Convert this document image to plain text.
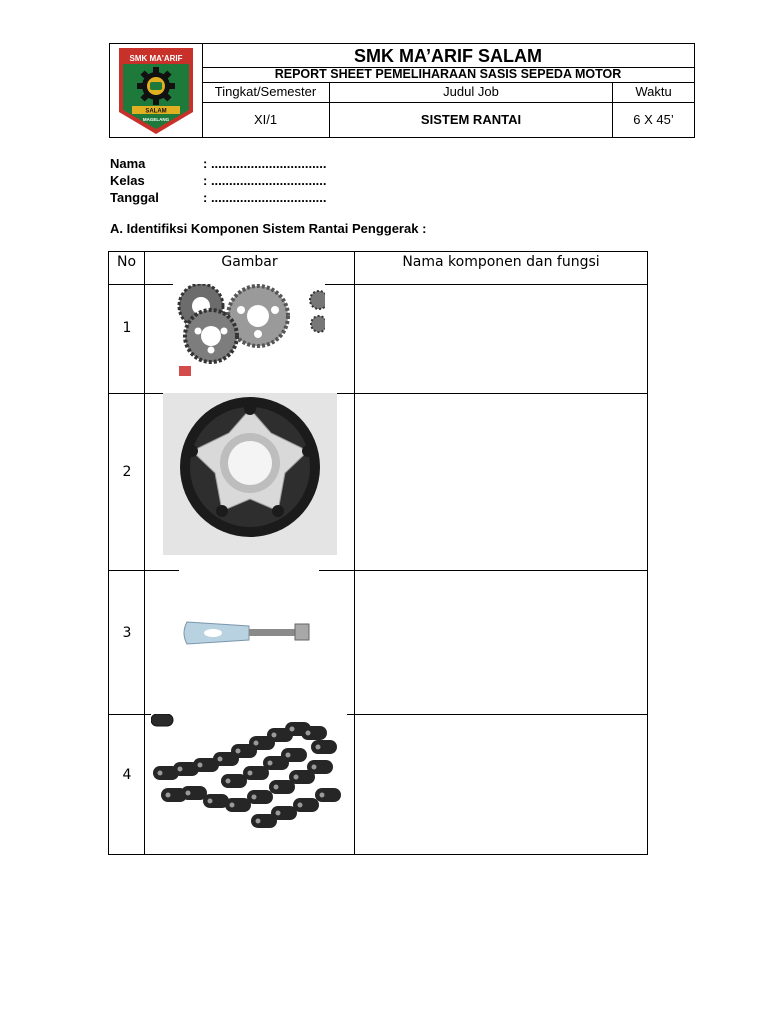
SMK MA'ARIF
SALAM
MAGELANG
SMK MA’ARIF SALAM
REPORT SHEET PEMELIHARAAN SASIS SEPEDA MOTOR
Tingkat/Semester	Judul Job	Waktu
XI/1	SISTEM RANTAI	6 X 45’
Nama	: ................................
Kelas	: ................................
Tanggal	: ................................
A. Identifiksi Komponen Sistem Rantai Penggerak :
No	Gambar	Nama komponen dan fungsi
1
2
3
4
